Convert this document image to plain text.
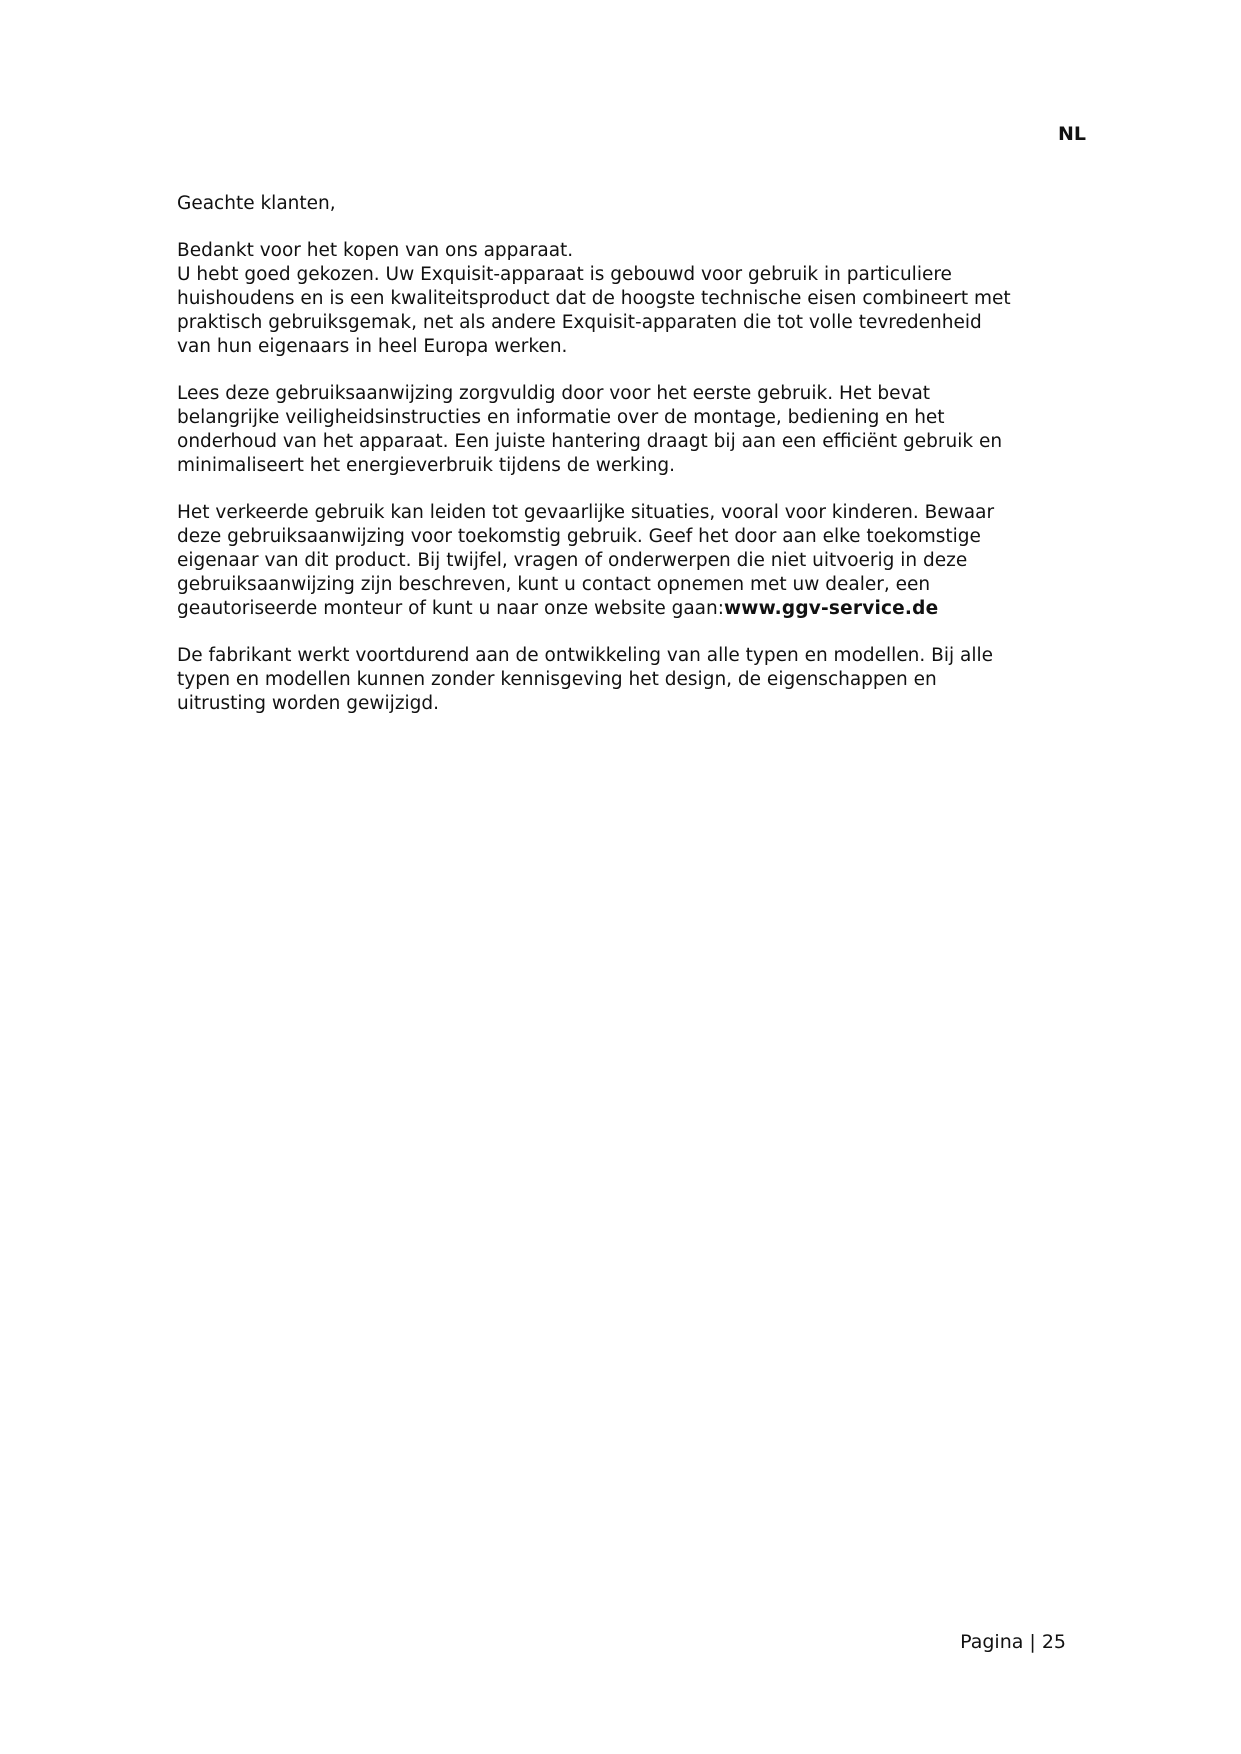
NL

Geachte klanten,

Bedankt voor het kopen van ons apparaat.
U hebt goed gekozen. Uw Exquisit-apparaat is gebouwd voor gebruik in particuliere
huishoudens en is een kwaliteitsproduct dat de hoogste technische eisen combineert met
praktisch gebruiksgemak, net als andere Exquisit-apparaten die tot volle tevredenheid
van hun eigenaars in heel Europa werken.

Lees deze gebruiksaanwijzing zorgvuldig door voor het eerste gebruik. Het bevat
belangrijke veiligheidsinstructies en informatie over de montage, bediening en het
onderhoud van het apparaat. Een juiste hantering draagt bij aan een efficiënt gebruik en
minimaliseert het energieverbruik tijdens de werking.

Het verkeerde gebruik kan leiden tot gevaarlijke situaties, vooral voor kinderen. Bewaar
deze gebruiksaanwijzing voor toekomstig gebruik. Geef het door aan elke toekomstige
eigenaar van dit product. Bij twijfel, vragen of onderwerpen die niet uitvoerig in deze
gebruiksaanwijzing zijn beschreven, kunt u contact opnemen met uw dealer, een
geautoriseerde monteur of kunt u naar onze website gaan:www.ggv-service.de

De fabrikant werkt voortdurend aan de ontwikkeling van alle typen en modellen. Bij alle
typen en modellen kunnen zonder kennisgeving het design, de eigenschappen en
uitrusting worden gewijzigd.

Pagina | 25
